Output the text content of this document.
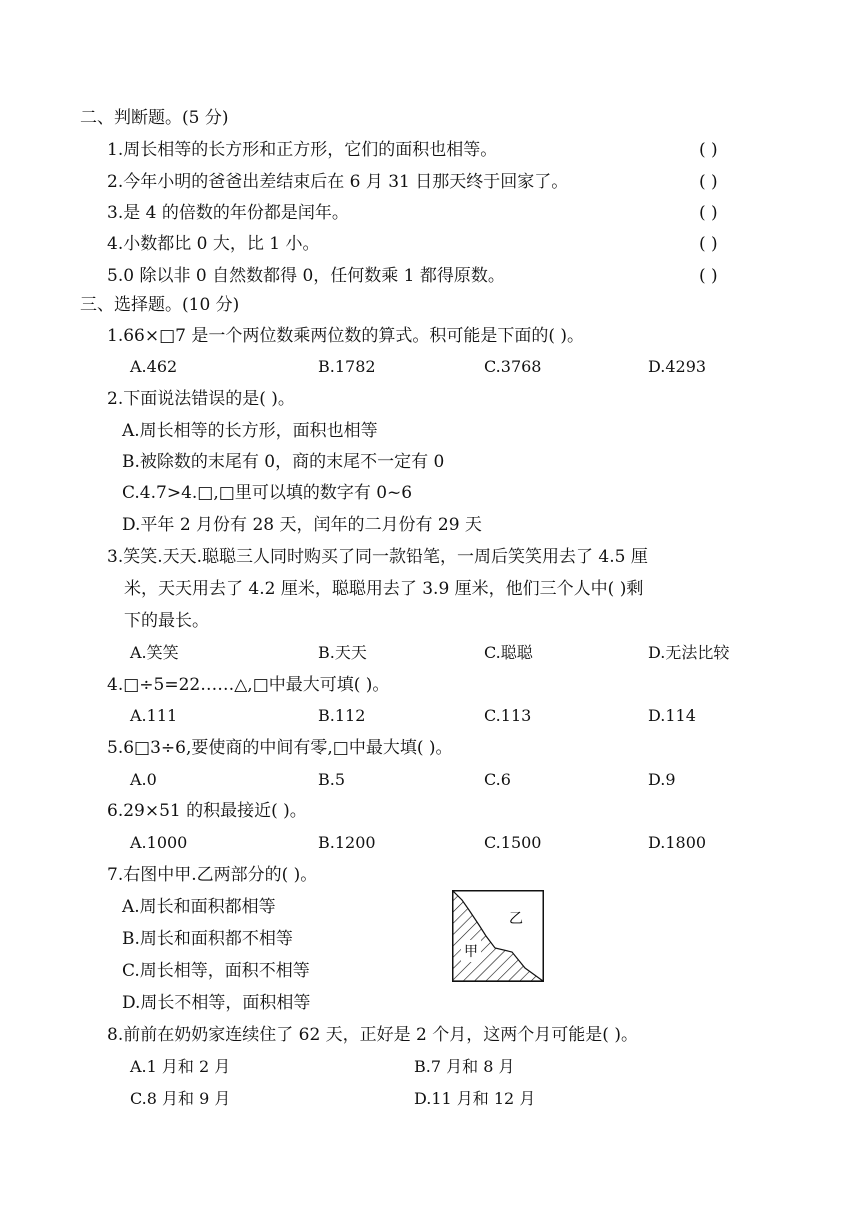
二、判断题。(5 分)
1.周长相等的长方形和正方形，它们的面积也相等。	( )
2.今年小明的爸爸出差结束后在 6 月 31 日那天终于回家了。	( )
3.是 4 的倍数的年份都是闰年。	( )
4.小数都比 0 大，比 1 小。	( )
5.0 除以非 0 自然数都得 0，任何数乘 1 都得原数。	( )
三、选择题。(10 分)
1.66×□7 是一个两位数乘两位数的算式。积可能是下面的( )。
A.462	B.1782	C.3768	D.4293
2.下面说法错误的是( )。
A.周长相等的长方形，面积也相等
B.被除数的末尾有 0，商的末尾不一定有 0
C.4.7>4.□,□里可以填的数字有 0~6
D.平年 2 月份有 28 天，闰年的二月份有 29 天
3.笑笑.天天.聪聪三人同时购买了同一款铅笔，一周后笑笑用去了 4.5 厘
米，天天用去了 4.2 厘米，聪聪用去了 3.9 厘米，他们三个人中( )剩
下的最长。
A.笑笑	B.天天	C.聪聪	D.无法比较
4.□÷5=22……△,□中最大可填( )。
A.111	B.112	C.113	D.114
5.6□3÷6,要使商的中间有零,□中最大填( )。
A.0	B.5	C.6	D.9
6.29×51 的积最接近( )。
A.1000	B.1200	C.1500	D.1800
7.右图中甲.乙两部分的( )。
A.周长和面积都相等
B.周长和面积都不相等
C.周长相等，面积不相等
D.周长不相等，面积相等
甲
乙
8.前前在奶奶家连续住了 62 天，正好是 2 个月，这两个月可能是( )。
A.1 月和 2 月	B.7 月和 8 月
C.8 月和 9 月	D.11 月和 12 月
